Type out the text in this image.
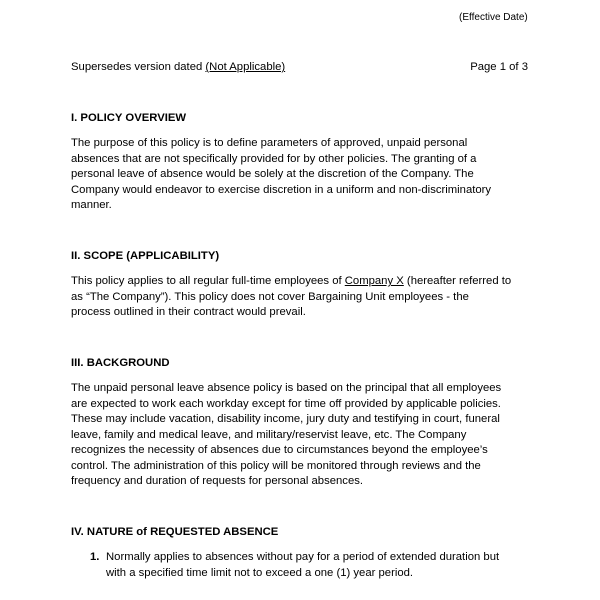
(Effective Date)
Supersedes version dated (Not Applicable)	Page 1 of 3

I. POLICY OVERVIEW

The purpose of this policy is to define parameters of approved, unpaid personal
absences that are not specifically provided for by other policies. The granting of a
personal leave of absence would be solely at the discretion of the Company. The
Company would endeavor to exercise discretion in a uniform and non-discriminatory
manner.

II. SCOPE (APPLICABILITY)

This policy applies to all regular full-time employees of Company X (hereafter referred to
as “The Company”). This policy does not cover Bargaining Unit employees - the
process outlined in their contract would prevail.

III. BACKGROUND

The unpaid personal leave absence policy is based on the principal that all employees
are expected to work each workday except for time off provided by applicable policies.
These may include vacation, disability income, jury duty and testifying in court, funeral
leave, family and medical leave, and military/reservist leave, etc. The Company
recognizes the necessity of absences due to circumstances beyond the employee’s
control. The administration of this policy will be monitored through reviews and the
frequency and duration of requests for personal absences.

IV. NATURE of REQUESTED ABSENCE

1. Normally applies to absences without pay for a period of extended duration but
with a specified time limit not to exceed a one (1) year period.
